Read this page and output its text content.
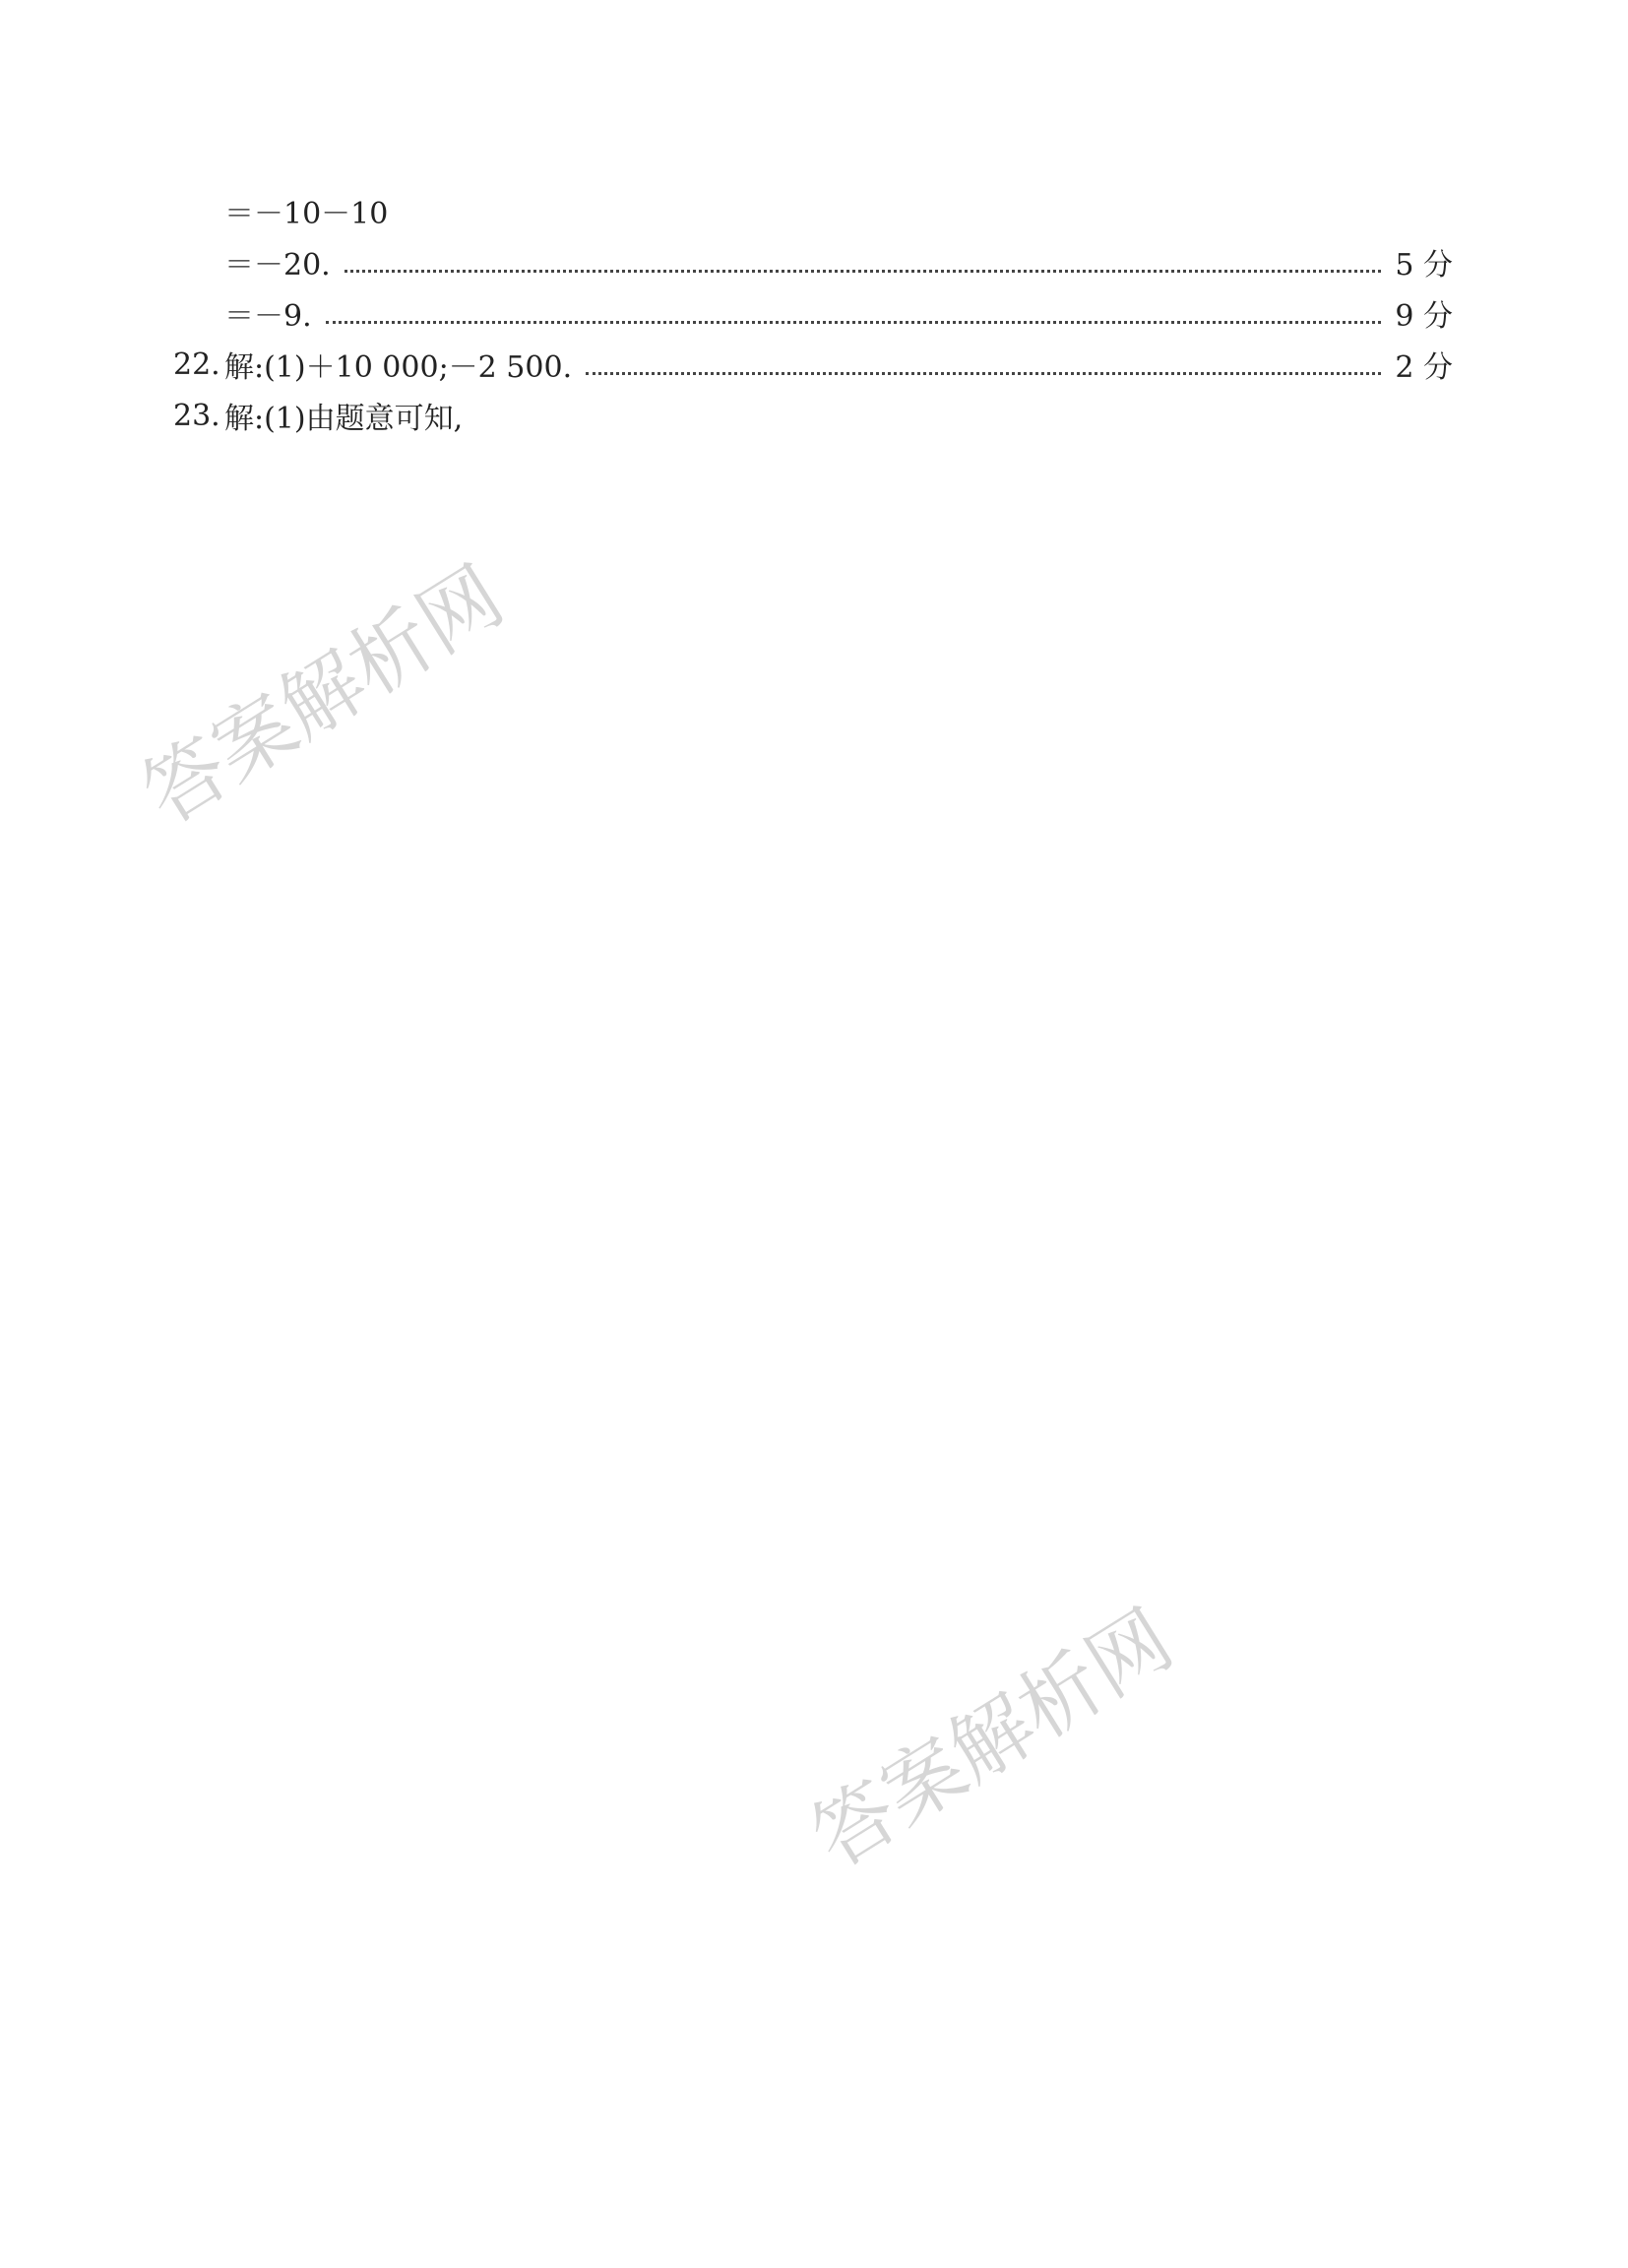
答案解析网
答案解析网
＝－10－10
＝－20.	5 分
＝－9.	9 分
22. 解:(1)＋10 000;－2 500.	2 分
23. 解:(1)由题意可知,
